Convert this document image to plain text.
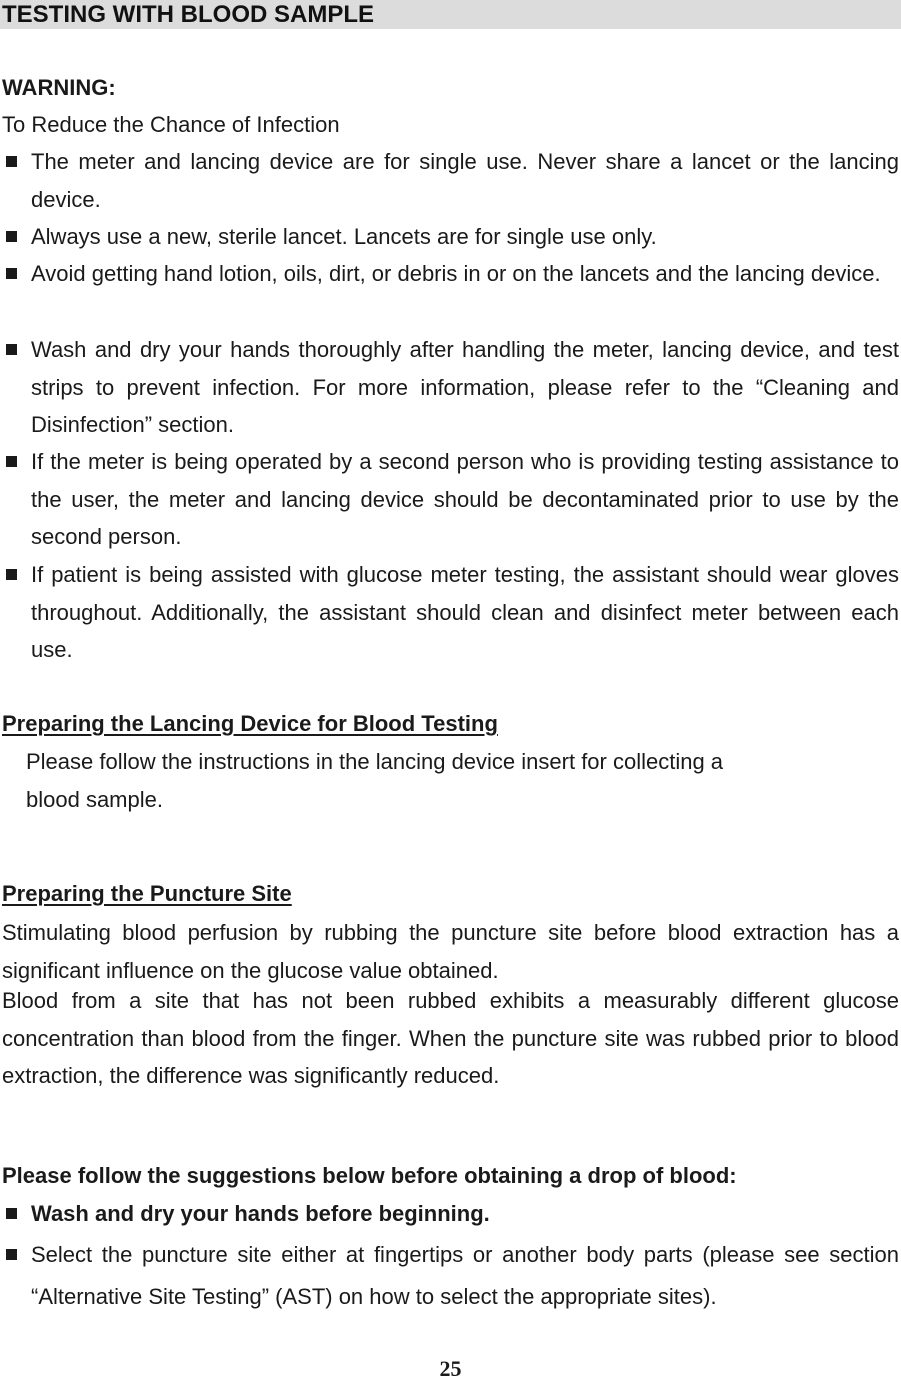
TESTING WITH BLOOD SAMPLE
WARNING:
To Reduce the Chance of Infection
The meter and lancing device are for single use. Never share a lancet or the lancing device.
Always use a new, sterile lancet. Lancets are for single use only.
Avoid getting hand lotion, oils, dirt, or debris in or on the lancets and the lancing device.
Wash and dry your hands thoroughly after handling the meter, lancing device, and test strips to prevent infection. For more information, please refer to the “Cleaning and Disinfection” section.
If the meter is being operated by a second person who is providing testing assistance to the user, the meter and lancing device should be decontaminated prior to use by the second person.
If patient is being assisted with glucose meter testing, the assistant should wear gloves throughout. Additionally, the assistant should clean and disinfect meter between each use.
Preparing the Lancing Device for Blood Testing
Please follow the instructions in the lancing device insert for collecting a
blood sample.
Preparing the Puncture Site
Stimulating blood perfusion by rubbing the puncture site before blood extraction has a significant influence on the glucose value obtained.
Blood from a site that has not been rubbed exhibits a measurably different glucose concentration than blood from the finger. When the puncture site was rubbed prior to blood extraction, the difference was significantly reduced.
Please follow the suggestions below before obtaining a drop of blood:
Wash and dry your hands before beginning.
Select the puncture site either at fingertips or another body parts (please see section “Alternative Site Testing” (AST) on how to select the appropriate sites).
25
